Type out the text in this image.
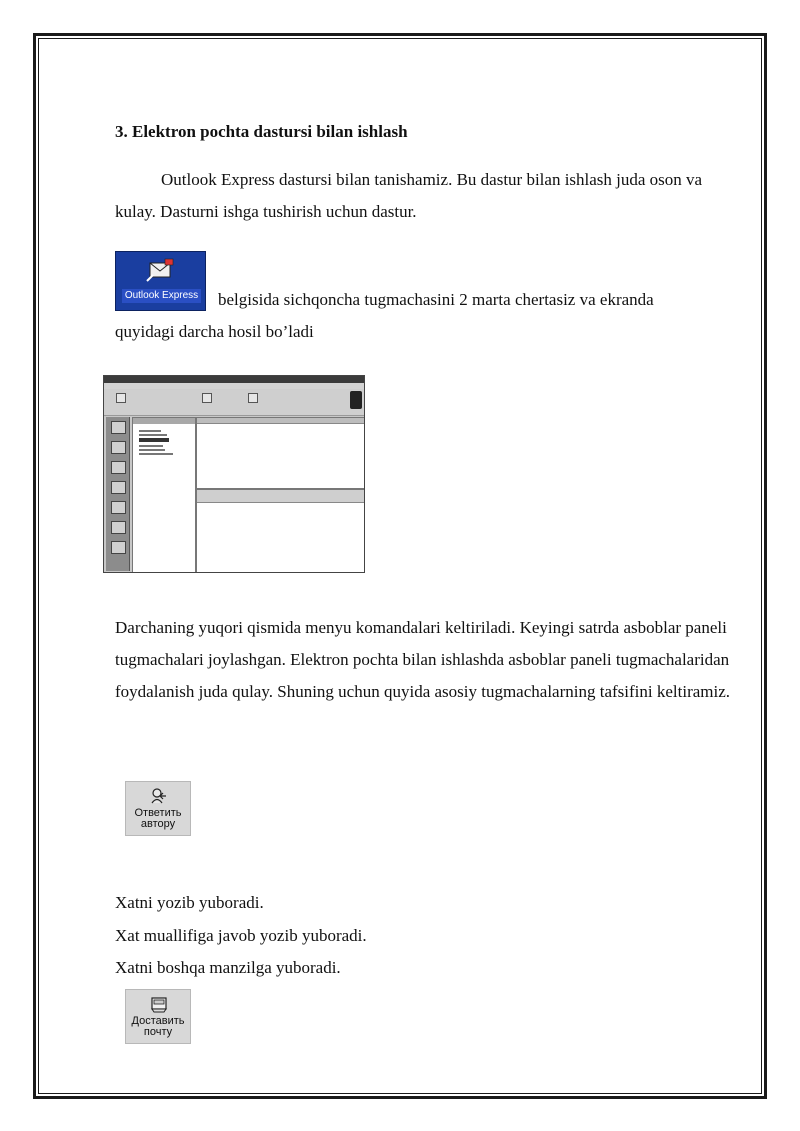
3. Elektron pochta dastursi bilan ishlash
Outlook Express dastursi bilan tanishamiz. Bu dastur bilan ishlash juda oson va kulay. Dasturni ishga tushirish uchun dastur.
Outlook Express belgisida sichqoncha tugmachasini 2 marta chertasiz va ekranda
quyidagi darcha hosil bo’ladi
Darchaning yuqori qismida menyu komandalari keltiriladi. Keyingi satrda asboblar paneli tugmachalari joylashgan. Elektron pochta bilan ishlashda asboblar paneli tugmachalaridan foydalanish juda qulay. Shuning uchun quyida asosiy tugmachalarning tafsifini keltiramiz.
Ответить
автору
Xatni yozib yuboradi.
Xat muallifiga javob yozib yuboradi.
Xatni boshqa manzilga yuboradi.
Доставить
почту
